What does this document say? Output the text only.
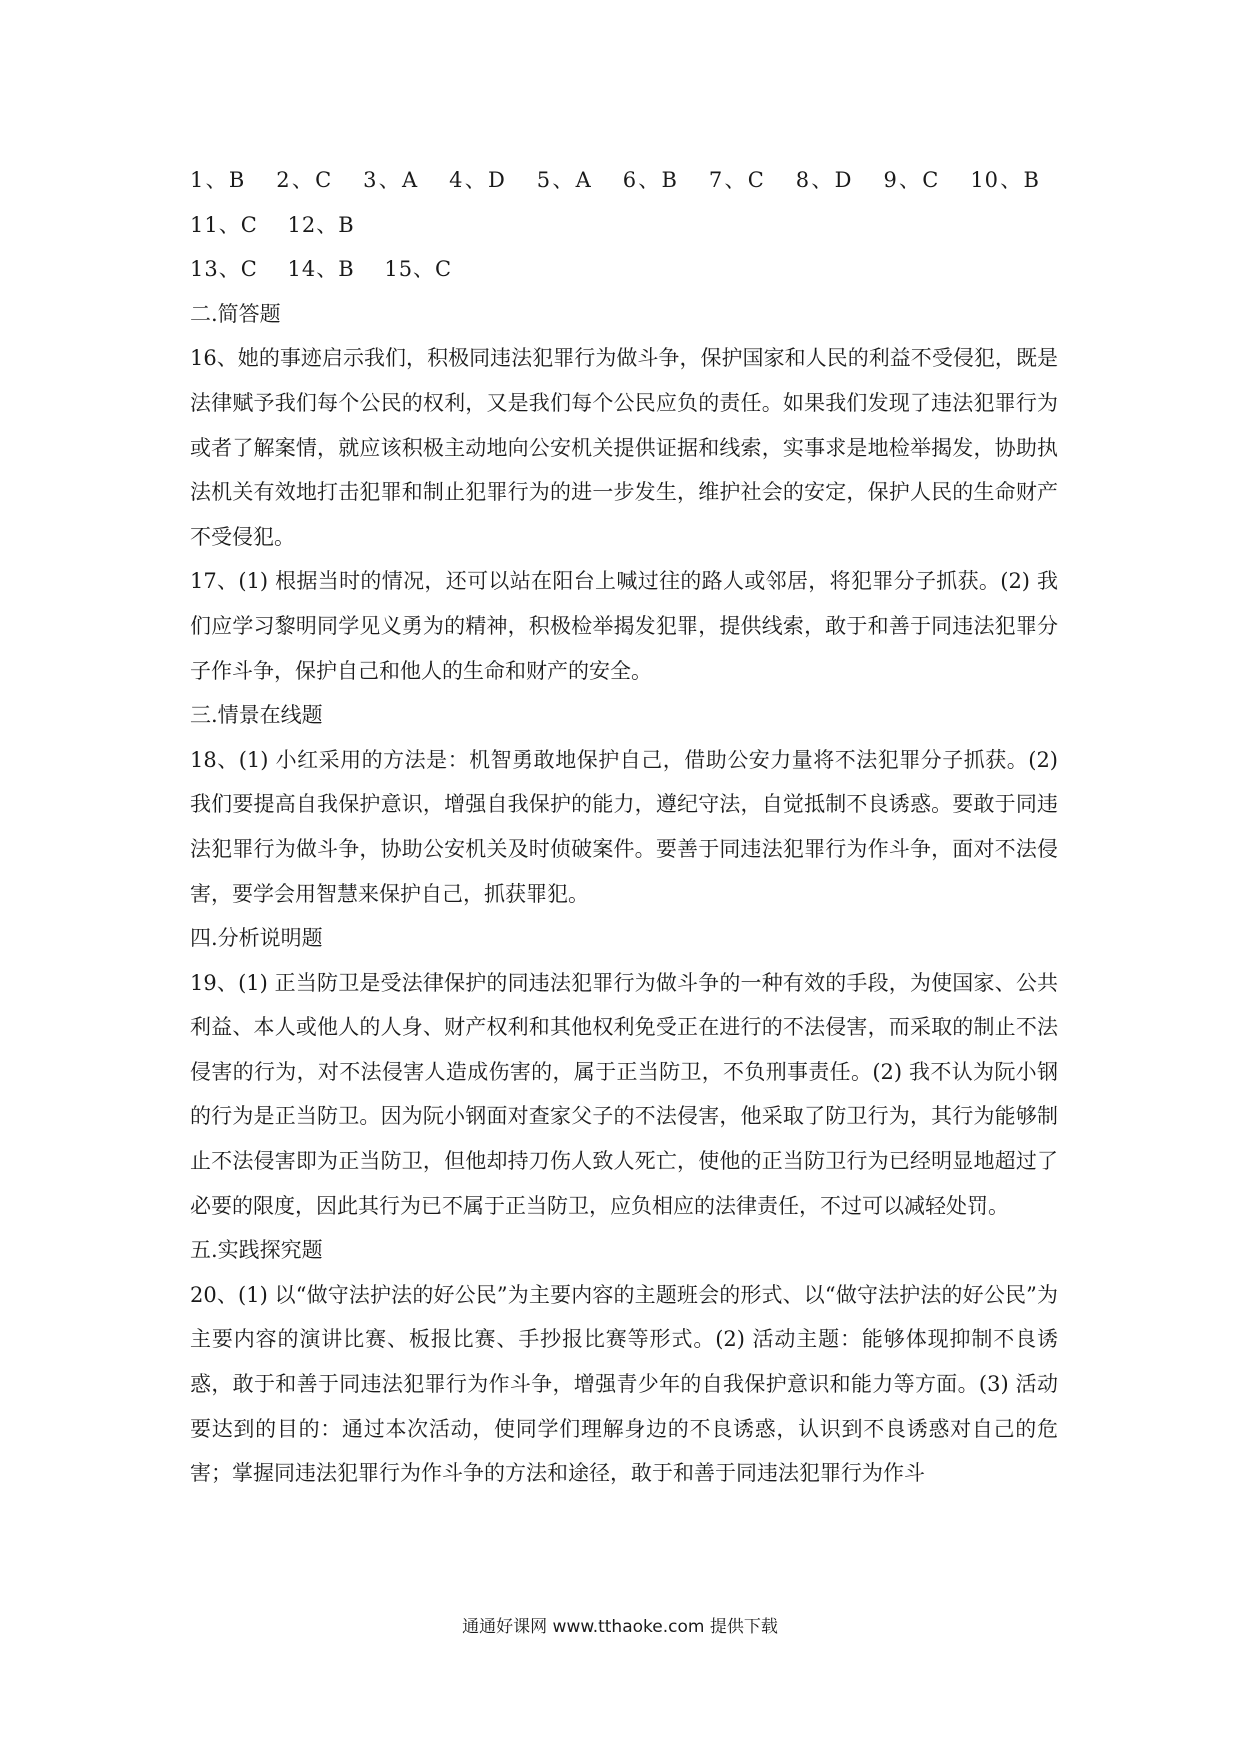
1、B 2、C 3、A 4、D 5、A 6、B 7、C 8、D 9、C 10、B 11、C 12、B

13、C 14、B 15、C

二.简答题

16、她的事迹启示我们，积极同违法犯罪行为做斗争，保护国家和人民的利益不受侵犯，既是法律赋予我们每个公民的权利，又是我们每个公民应负的责任。如果我们发现了违法犯罪行为或者了解案情，就应该积极主动地向公安机关提供证据和线索，实事求是地检举揭发，协助执法机关有效地打击犯罪和制止犯罪行为的进一步发生，维护社会的安定，保护人民的生命财产不受侵犯。

17、(1) 根据当时的情况，还可以站在阳台上喊过往的路人或邻居，将犯罪分子抓获。(2) 我们应学习黎明同学见义勇为的精神，积极检举揭发犯罪，提供线索，敢于和善于同违法犯罪分子作斗争，保护自己和他人的生命和财产的安全。

三.情景在线题

18、(1) 小红采用的方法是：机智勇敢地保护自己，借助公安力量将不法犯罪分子抓获。(2) 我们要提高自我保护意识，增强自我保护的能力，遵纪守法，自觉抵制不良诱惑。要敢于同违法犯罪行为做斗争，协助公安机关及时侦破案件。要善于同违法犯罪行为作斗争，面对不法侵害，要学会用智慧来保护自己，抓获罪犯。

四.分析说明题

19、(1) 正当防卫是受法律保护的同违法犯罪行为做斗争的一种有效的手段，为使国家、公共利益、本人或他人的人身、财产权利和其他权利免受正在进行的不法侵害，而采取的制止不法侵害的行为，对不法侵害人造成伤害的，属于正当防卫，不负刑事责任。(2) 我不认为阮小钢的行为是正当防卫。因为阮小钢面对查家父子的不法侵害，他采取了防卫行为，其行为能够制止不法侵害即为正当防卫，但他却持刀伤人致人死亡，使他的正当防卫行为已经明显地超过了必要的限度，因此其行为已不属于正当防卫，应负相应的法律责任，不过可以减轻处罚。

五.实践探究题

20、(1) 以“做守法护法的好公民”为主要内容的主题班会的形式、以“做守法护法的好公民”为主要内容的演讲比赛、板报比赛、手抄报比赛等形式。(2) 活动主题：能够体现抑制不良诱惑，敢于和善于同违法犯罪行为作斗争，增强青少年的自我保护意识和能力等方面。(3) 活动要达到的目的：通过本次活动，使同学们理解身边的不良诱惑，认识到不良诱惑对自己的危害；掌握同违法犯罪行为作斗争的方法和途径，敢于和善于同违法犯罪行为作斗

通通好课网 www.tthaoke.com 提供下载
